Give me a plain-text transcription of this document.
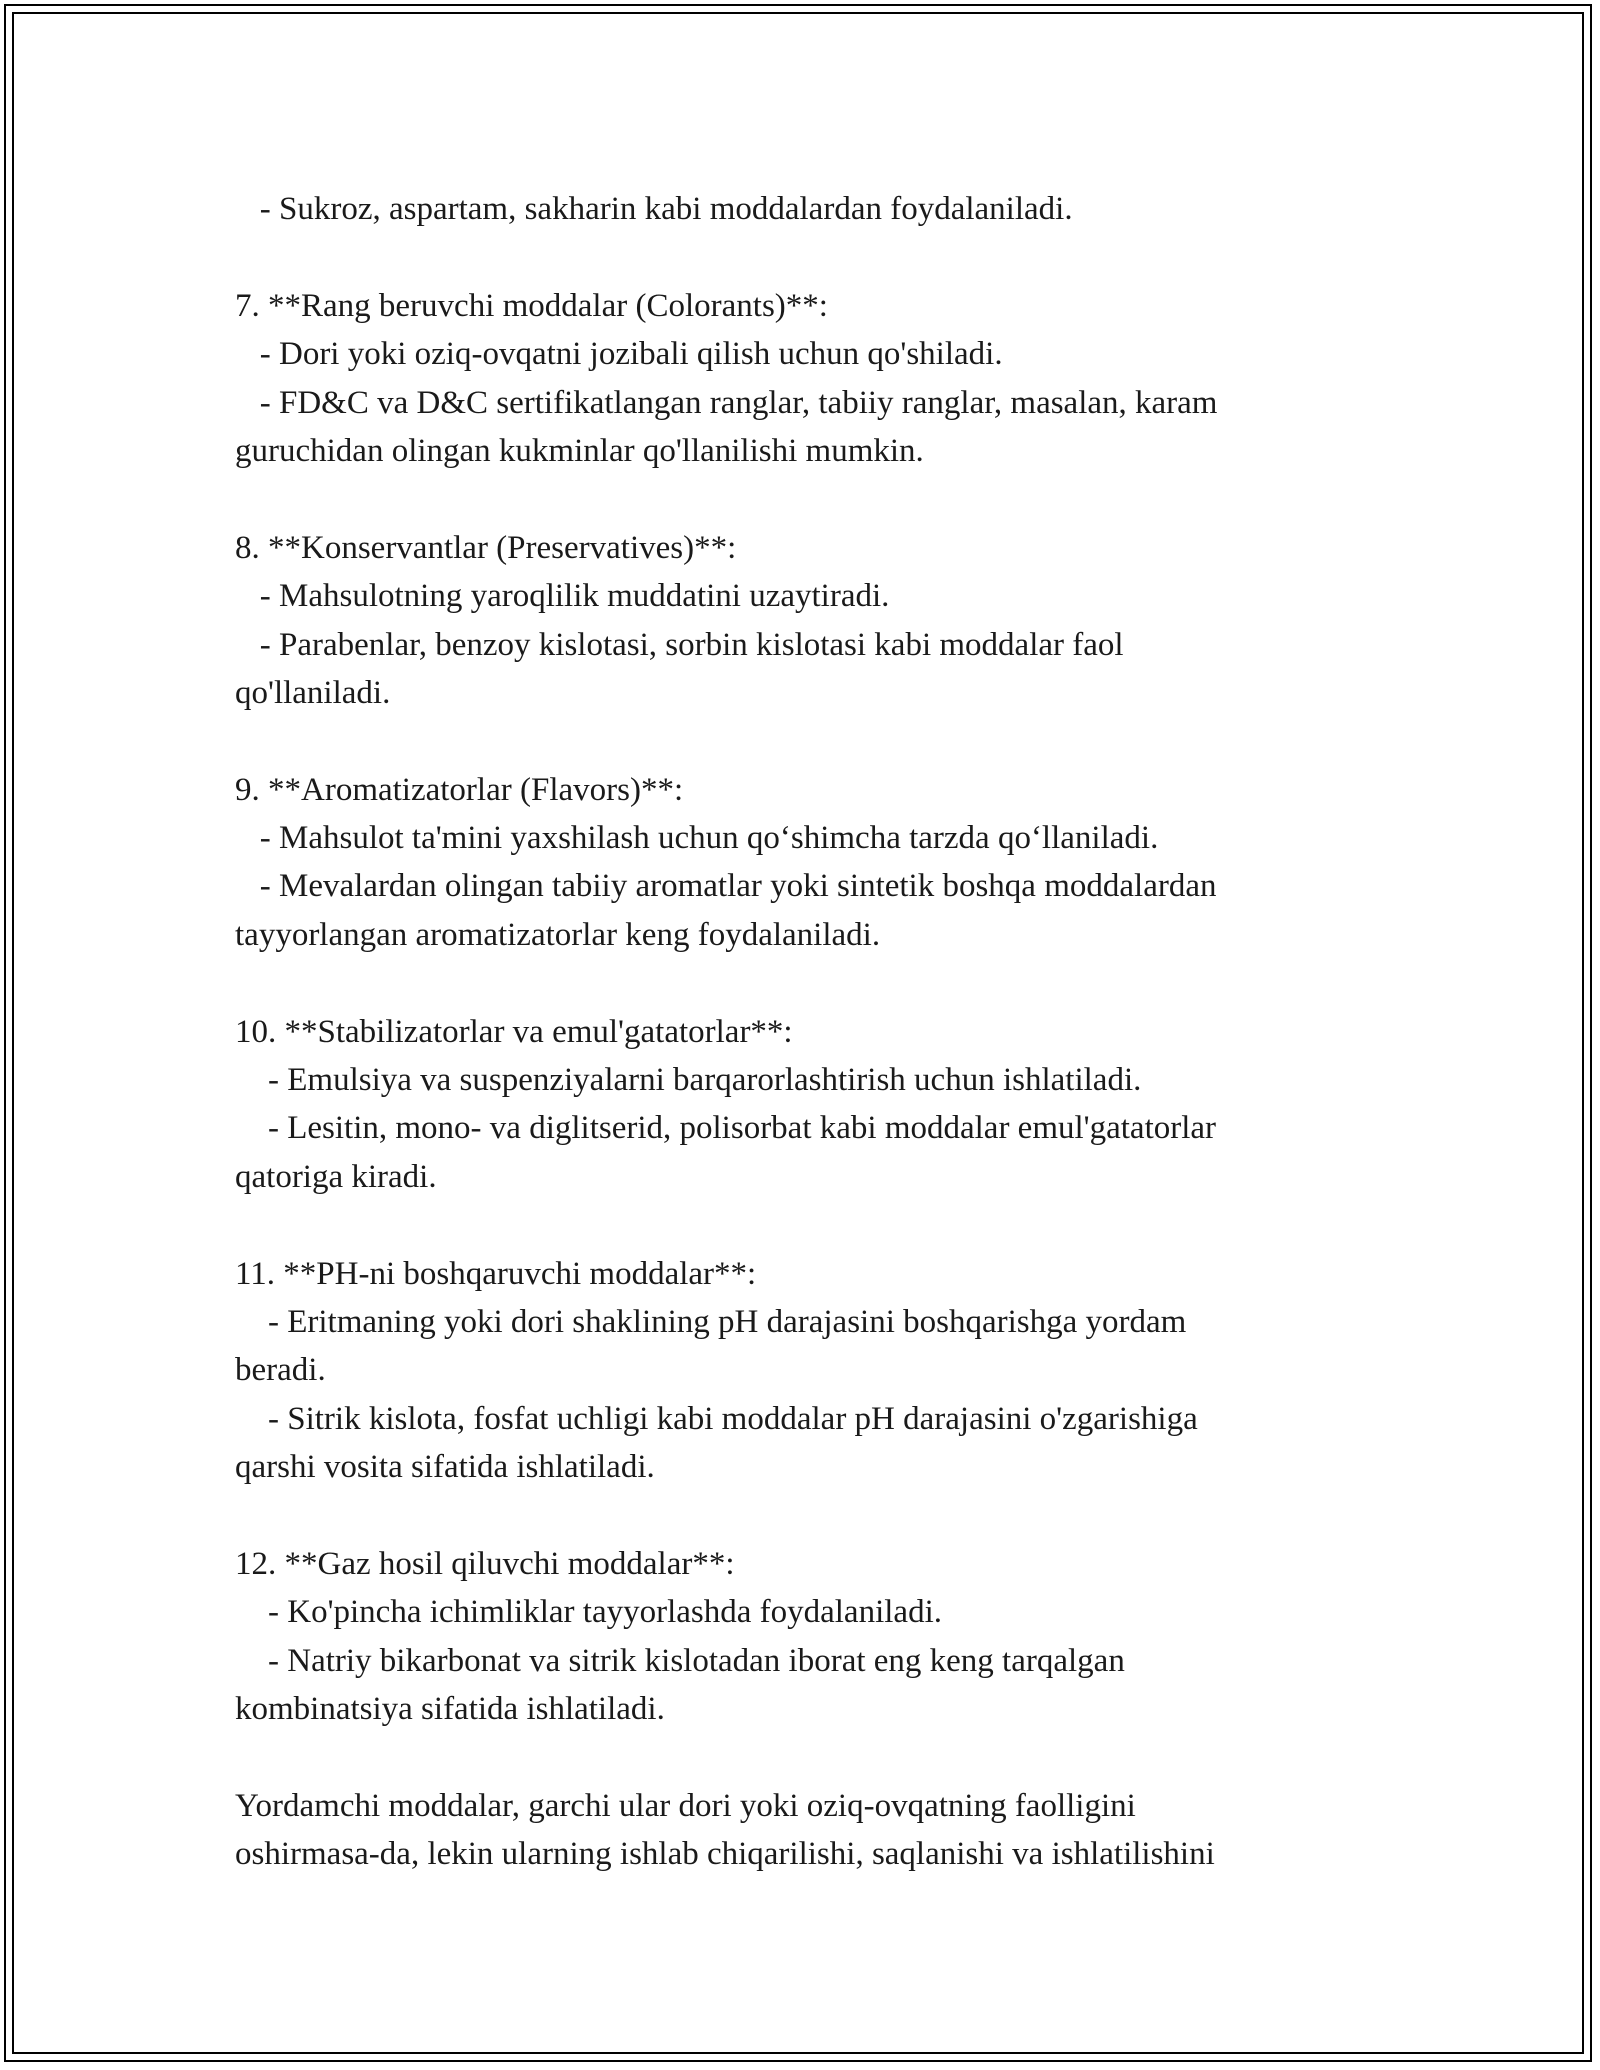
- Sukroz, aspartam, sakharin kabi moddalardan foydalaniladi.

7. **Rang beruvchi moddalar (Colorants)**:

- Dori yoki oziq-ovqatni jozibali qilish uchun qo'shiladi.

- FD&C va D&C sertifikatlangan ranglar, tabiiy ranglar, masalan, karam

guruchidan olingan kukminlar qo'llanilishi mumkin.

8. **Konservantlar (Preservatives)**:

- Mahsulotning yaroqlilik muddatini uzaytiradi.

- Parabenlar, benzoy kislotasi, sorbin kislotasi kabi moddalar faol

qo'llaniladi.

9. **Aromatizatorlar (Flavors)**:

- Mahsulot ta'mini yaxshilash uchun qo‘shimcha tarzda qo‘llaniladi.

- Mevalardan olingan tabiiy aromatlar yoki sintetik boshqa moddalardan

tayyorlangan aromatizatorlar keng foydalaniladi.

10. **Stabilizatorlar va emul'gatatorlar**:

- Emulsiya va suspenziyalarni barqarorlashtirish uchun ishlatiladi.

- Lesitin, mono- va diglitserid, polisorbat kabi moddalar emul'gatatorlar

qatoriga kiradi.

11. **PH-ni boshqaruvchi moddalar**:

- Eritmaning yoki dori shaklining pH darajasini boshqarishga yordam

beradi.

- Sitrik kislota, fosfat uchligi kabi moddalar pH darajasini o'zgarishiga

qarshi vosita sifatida ishlatiladi.

12. **Gaz hosil qiluvchi moddalar**:

- Ko'pincha ichimliklar tayyorlashda foydalaniladi.

- Natriy bikarbonat va sitrik kislotadan iborat eng keng tarqalgan

kombinatsiya sifatida ishlatiladi.

Yordamchi moddalar, garchi ular dori yoki oziq-ovqatning faolligini

oshirmasa-da, lekin ularning ishlab chiqarilishi, saqlanishi va ishlatilishini
